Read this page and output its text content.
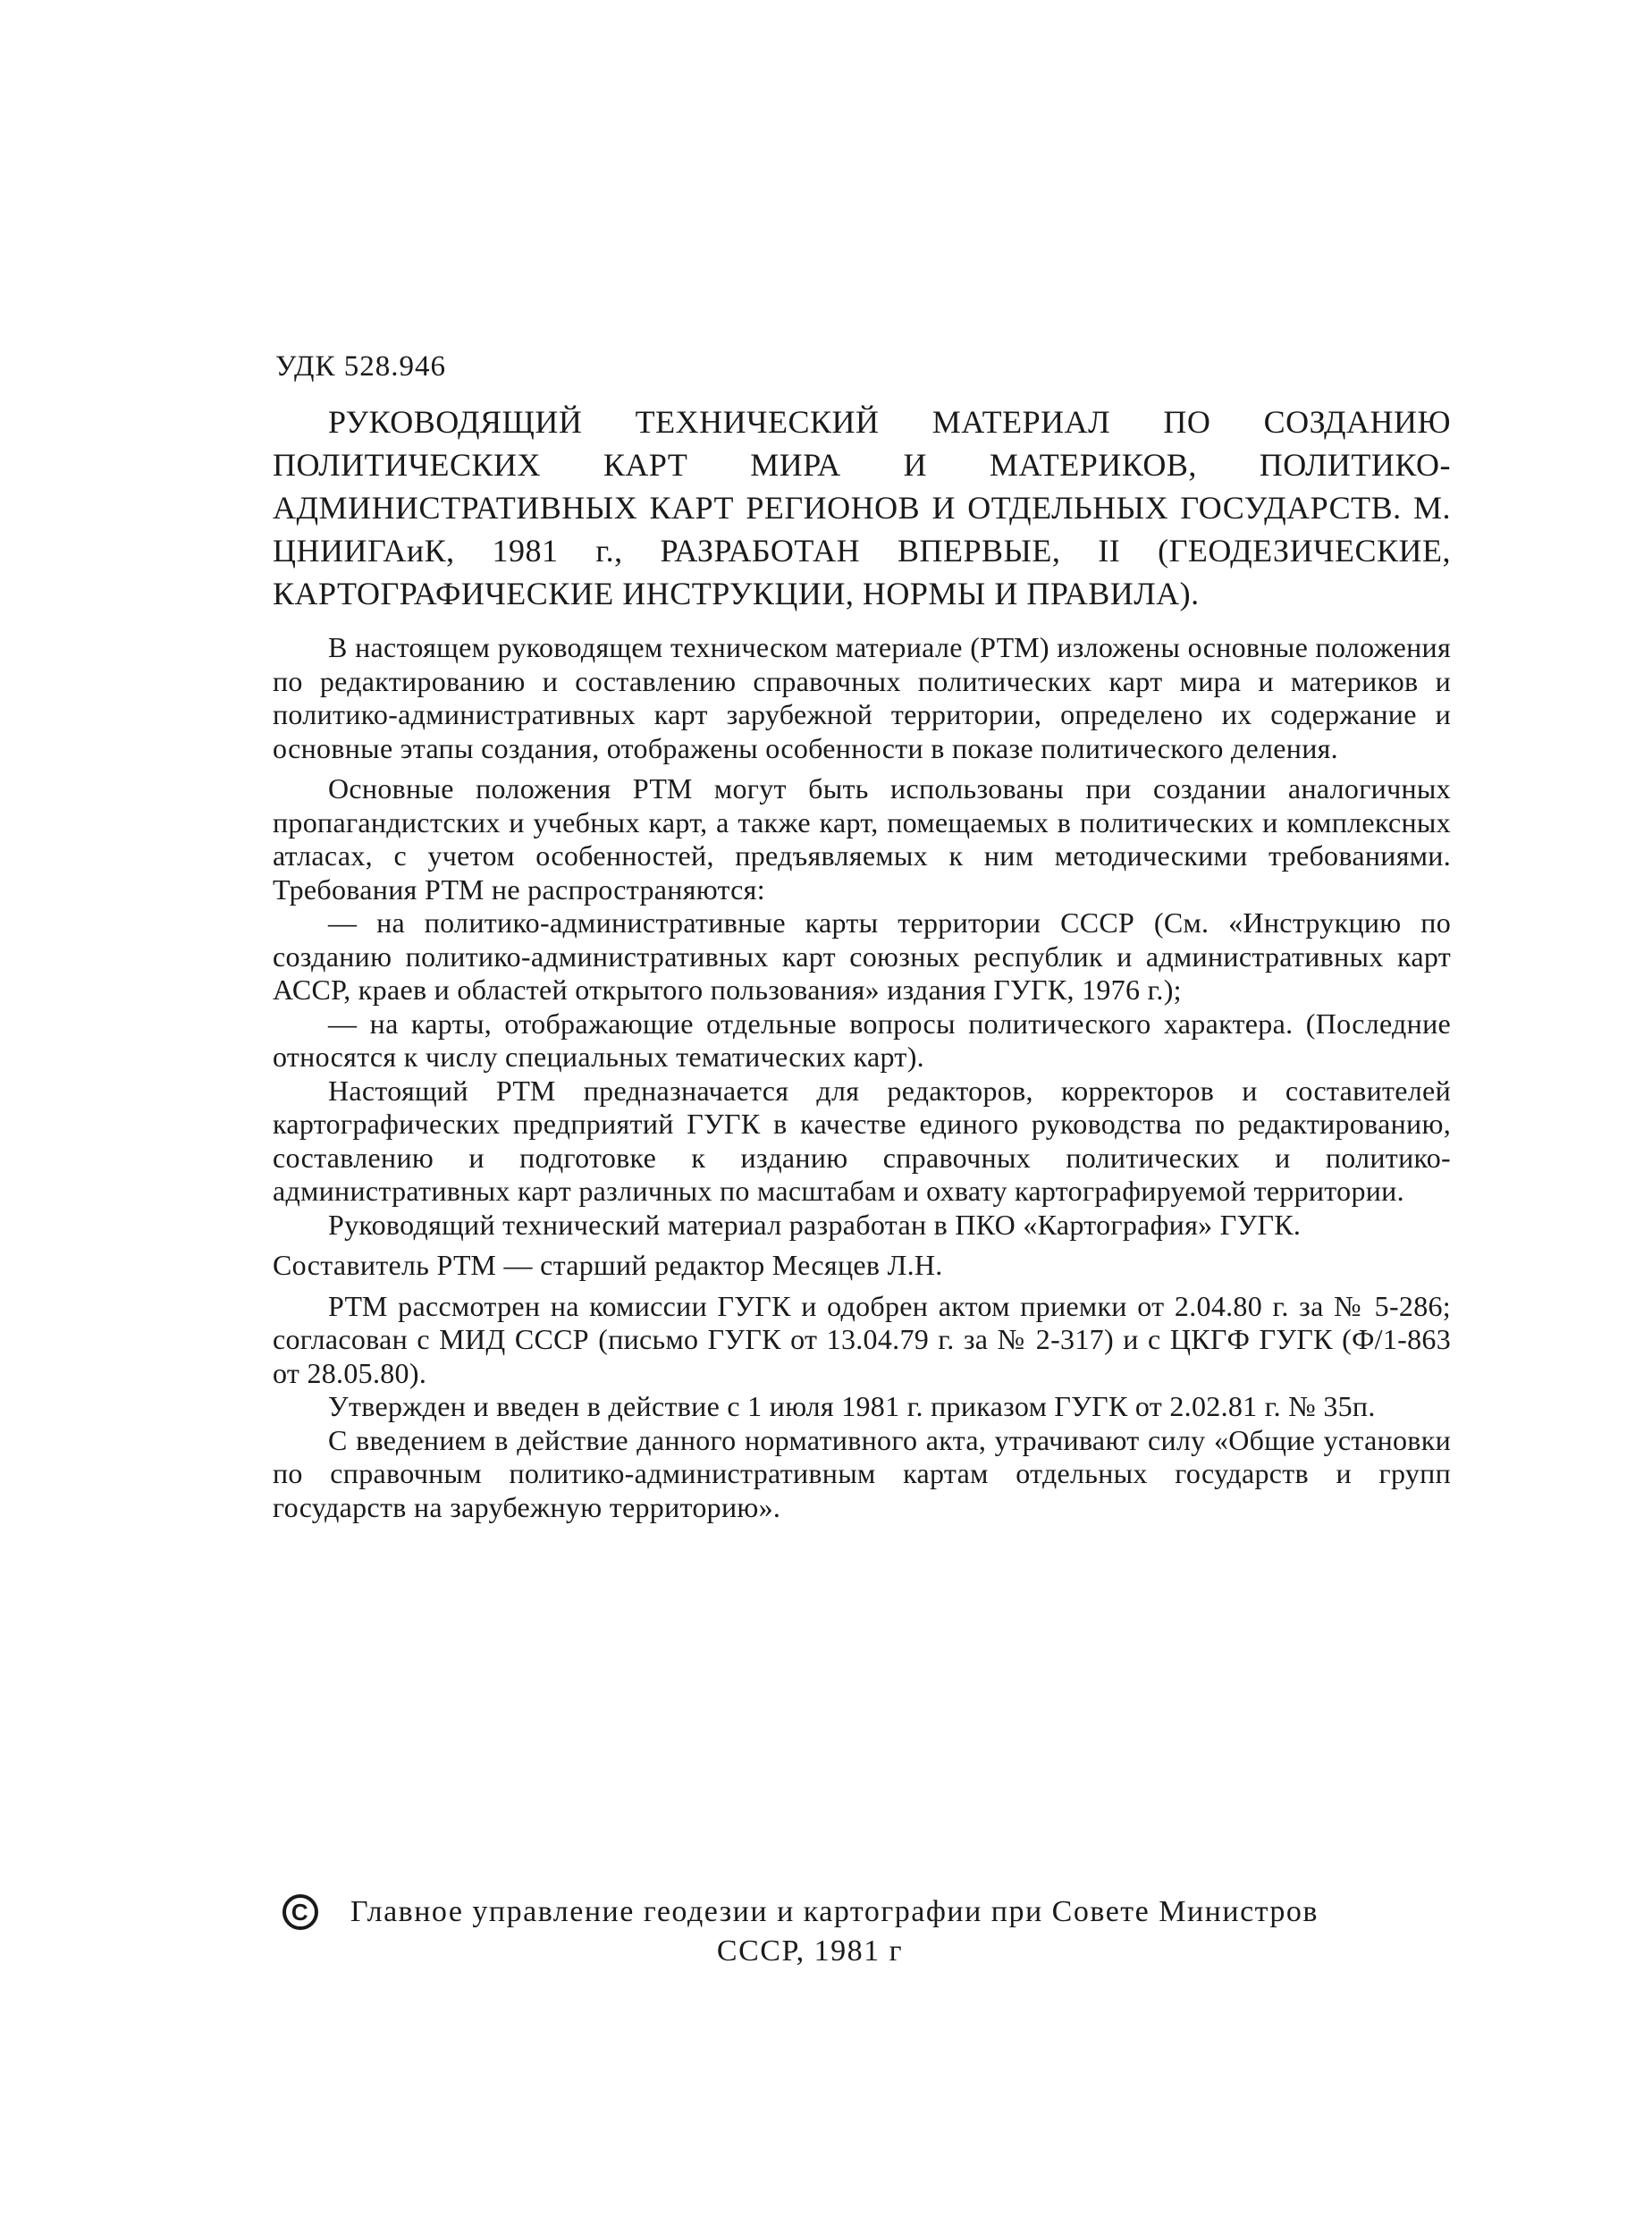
УДК 528.946
РУКОВОДЯЩИЙ ТЕХНИЧЕСКИЙ МАТЕРИАЛ ПО СОЗДАНИЮ ПОЛИТИЧЕСКИХ КАРТ МИРА И МАТЕРИКОВ, ПОЛИТИКО-АДМИНИСТРАТИВНЫХ КАРТ РЕГИОНОВ И ОТДЕЛЬНЫХ ГОСУДАРСТВ. М. ЦНИИГАиК, 1981 г., РАЗРАБОТАН ВПЕРВЫЕ, II (ГЕОДЕЗИЧЕСКИЕ, КАРТОГРАФИЧЕСКИЕ ИНСТРУКЦИИ, НОРМЫ И ПРАВИЛА).

В настоящем руководящем техническом материале (РТМ) изложены основные положения по редактированию и составлению справочных политических карт мира и материков и политико-административных карт зарубежной территории, определено их содержание и основные этапы создания, отображены особенности в показе политического деления.

Основные положения РТМ могут быть использованы при создании аналогичных пропагандистских и учебных карт, а также карт, помещаемых в политических и комплексных атласах, с учетом особенностей, предъявляемых к ним методическими требованиями. Требования РТМ не распространяются:

— на политико-административные карты территории СССР (См. «Инструкцию по созданию политико-административных карт союзных республик и административных карт АССР, краев и областей открытого пользования» издания ГУГК, 1976 г.);

— на карты, отображающие отдельные вопросы политического характера. (Последние относятся к числу специальных тематических карт).

Настоящий РТМ предназначается для редакторов, корректоров и составителей картографических предприятий ГУГК в качестве единого руководства по редактированию, составлению и подготовке к изданию справочных политических и политико-административных карт различных по масштабам и охвату картографируемой территории.

Руководящий технический материал разработан в ПКО «Картография» ГУГК.

Составитель РТМ — старший редактор Месяцев Л.Н.

РТМ рассмотрен на комиссии ГУГК и одобрен актом приемки от 2.04.80 г. за № 5-286; согласован с МИД СССР (письмо ГУГК от 13.04.79 г. за № 2-317) и с ЦКГФ ГУГК (Ф/1-863 от 28.05.80).

Утвержден и введен в действие с 1 июля 1981 г. приказом ГУГК от 2.02.81 г. № 35п.

С введением в действие данного нормативного акта, утрачивают силу «Общие установки по справочным политико-административным картам отдельных государств и групп государств на зарубежную территорию».

C Главное управление геодезии и картографии при Совете Министров
СССР, 1981 г
